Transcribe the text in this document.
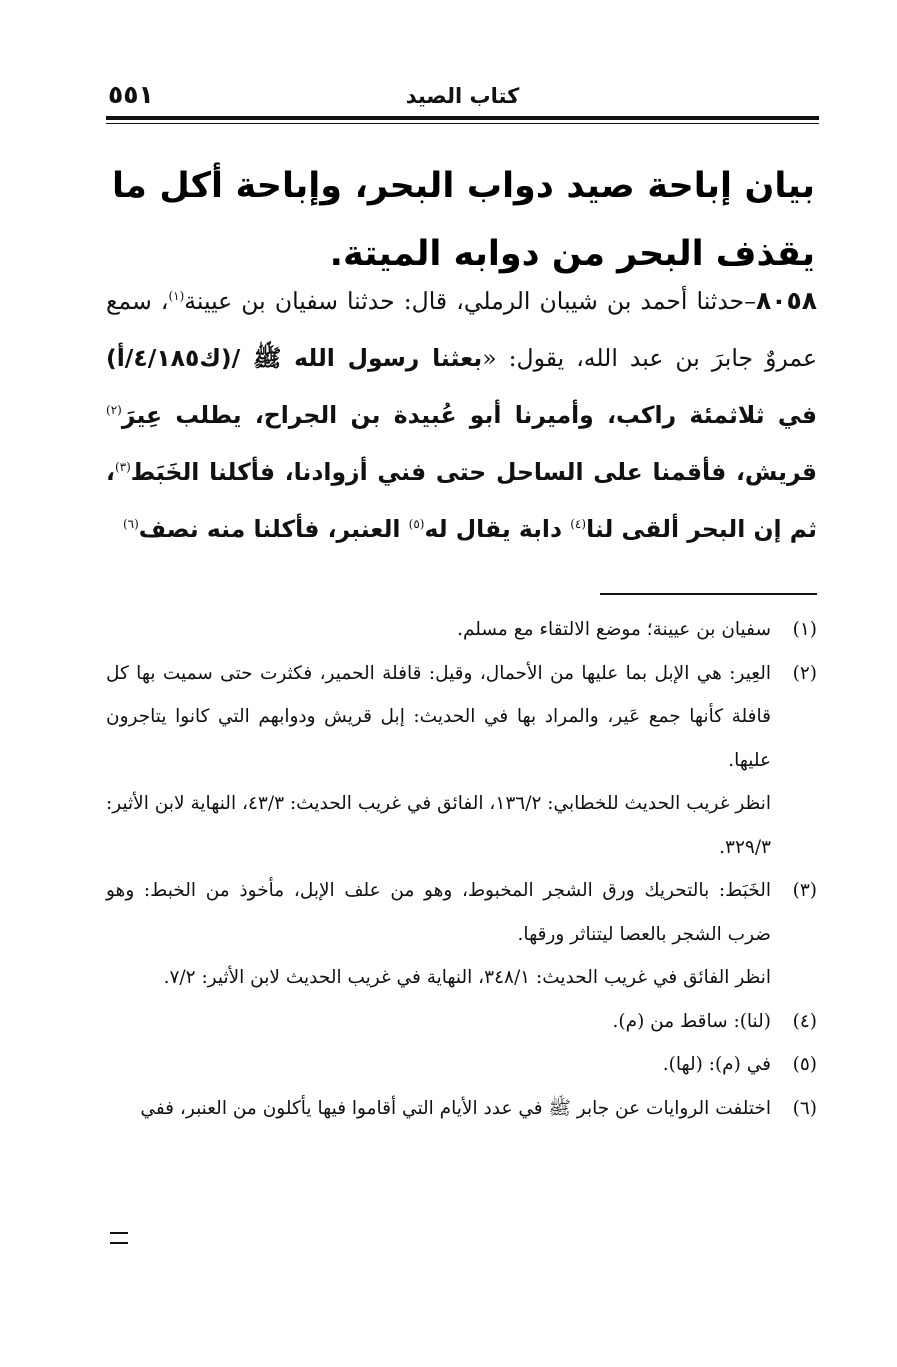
كتاب الصيد
٥٥١
بيان إباحة صيد دواب البحر، وإباحة أكل ما يقذف البحر من دوابه الميتة.
٨٠٥٨–حدثنا أحمد بن شيبان الرملي، قال: حدثنا سفيان بن عيينة$^{(١)}$، سمع عمروٌ جابرَ بن عبد الله، يقول: «بعثنا رسول الله ﷺ /(ك٤/١٨٥/أ) في ثلاثمئة راكب، وأميرنا أبو عُبيدة بن الجراح، يطلب عِيرَ$^{(٢)}$ قريش، فأقمنا على الساحل حتى فني أزوادنا، فأكلنا الخَبَط$^{(٣)}$، ثم إن البحر ألقى لنا$^{(٤)}$ دابة يقال له$^{(٥)}$ العنبر، فأكلنا منه نصف$^{(٦)}$
(١)
سفيان بن عيينة؛ موضع الالتقاء مع مسلم.
(٢)
العِير: هي الإبل بما عليها من الأحمال، وقيل: قافلة الحمير، فكثرت حتى سميت بها كل قافلة كأنها جمع عَير، والمراد بها في الحديث: إبل قريش ودوابهم التي كانوا يتاجرون عليها.
انظر غريب الحديث للخطابي: ١٣٦/٢، الفائق في غريب الحديث: ٤٣/٣، النهاية لابن الأثير: ٣٢٩/٣.
(٣)
الخَبَط: بالتحريك ورق الشجر المخبوط، وهو من علف الإبل، مأخوذ من الخبط: وهو ضرب الشجر بالعصا ليتناثر ورقها.
انظر الفائق في غريب الحديث: ٣٤٨/١، النهاية في غريب الحديث لابن الأثير: ٧/٢.
(٤)
(لنا): ساقط من (م).
(٥)
في (م): (لها).
(٦)
اختلفت الروايات عن جابر ﷺ في عدد الأيام التي أقاموا فيها يأكلون من العنبر، ففي
